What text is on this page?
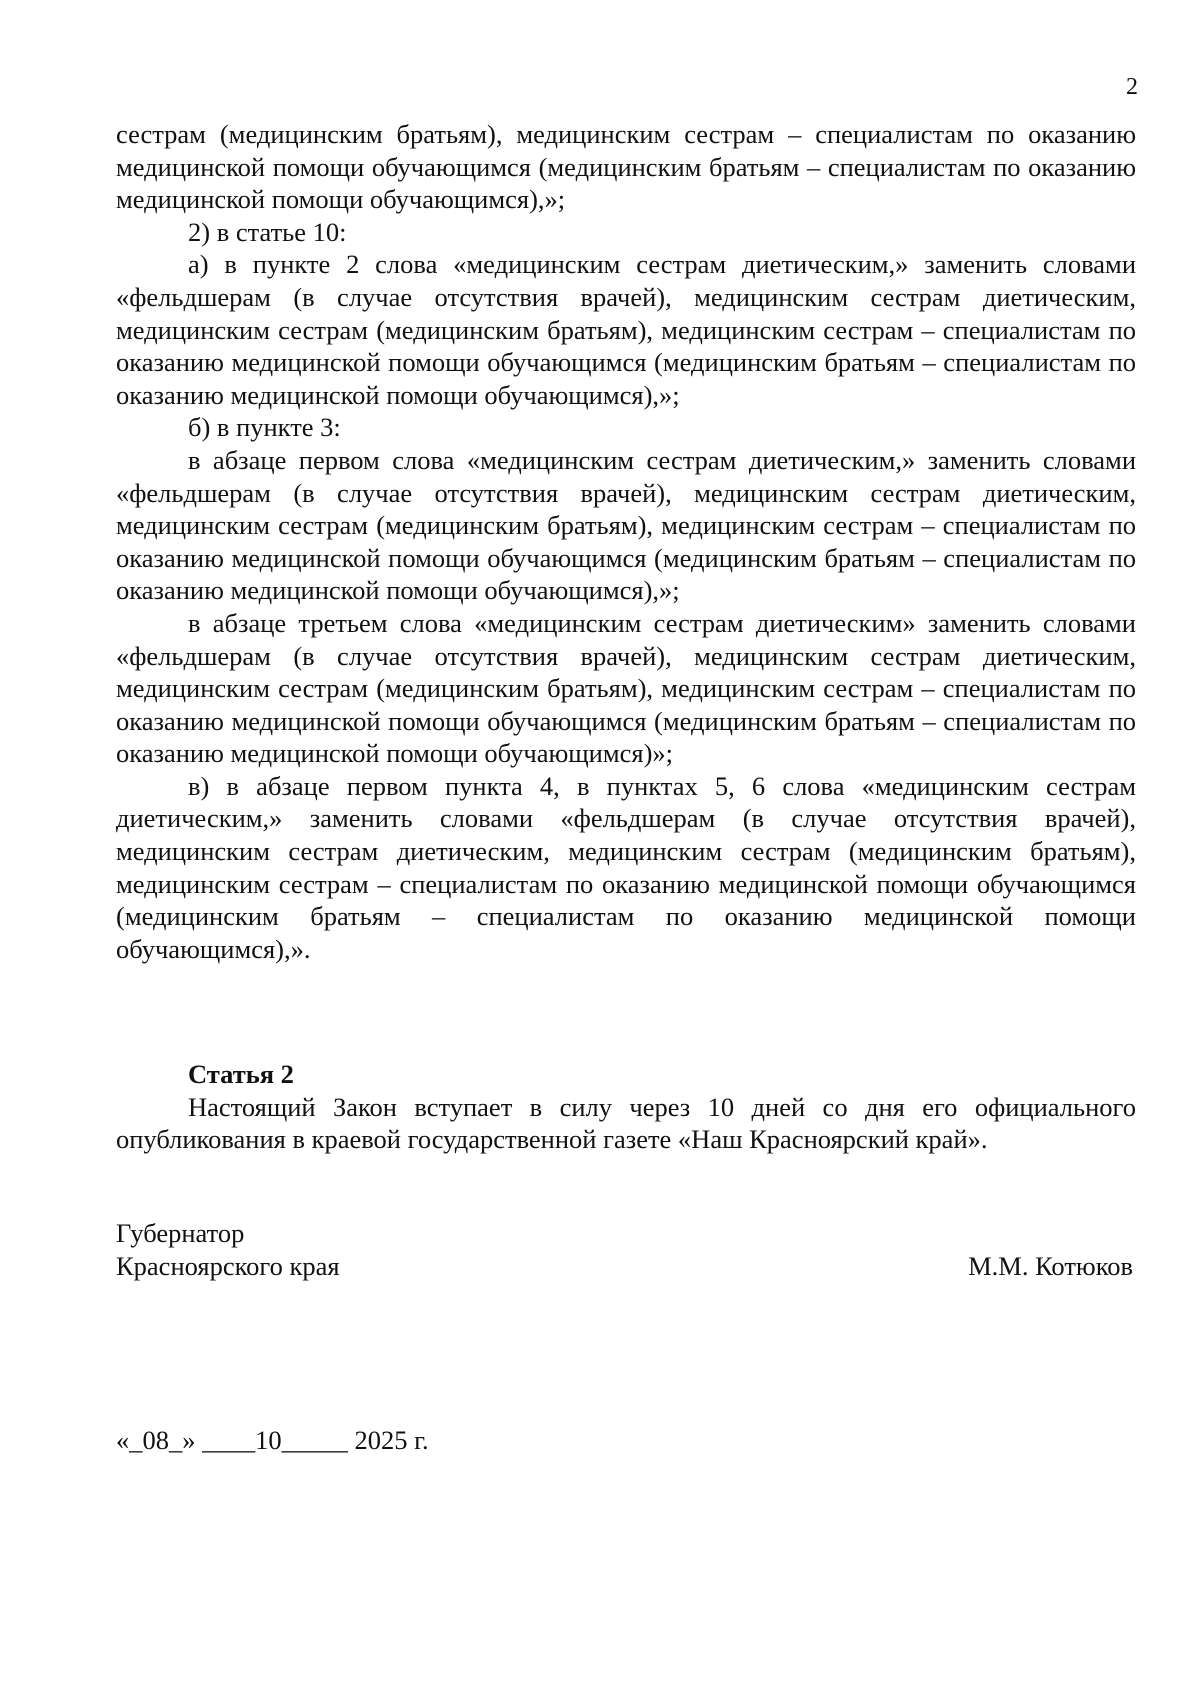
2

сестрам (медицинским братьям), медицинским сестрам – специалистам по оказанию медицинской помощи обучающимся (медицинским братьям – специалистам по оказанию медицинской помощи обучающимся),»;

2) в статье 10:

а) в пункте 2 слова «медицинским сестрам диетическим,» заменить словами «фельдшерам (в случае отсутствия врачей), медицинским сестрам диетическим, медицинским сестрам (медицинским братьям), медицинским сестрам – специалистам по оказанию медицинской помощи обучающимся (медицинским братьям – специалистам по оказанию медицинской помощи обучающимся),»;

б) в пункте 3:

в абзаце первом слова «медицинским сестрам диетическим,» заменить словами «фельдшерам (в случае отсутствия врачей), медицинским сестрам диетическим, медицинским сестрам (медицинским братьям), медицинским сестрам – специалистам по оказанию медицинской помощи обучающимся (медицинским братьям – специалистам по оказанию медицинской помощи обучающимся),»;

в абзаце третьем слова «медицинским сестрам диетическим» заменить словами «фельдшерам (в случае отсутствия врачей), медицинским сестрам диетическим, медицинским сестрам (медицинским братьям), медицинским сестрам – специалистам по оказанию медицинской помощи обучающимся (медицинским братьям – специалистам по оказанию медицинской помощи обучающимся)»;

в) в абзаце первом пункта 4, в пунктах 5, 6 слова «медицинским сестрам диетическим,» заменить словами «фельдшерам (в случае отсутствия врачей), медицинским сестрам диетическим, медицинским сестрам (медицинским братьям), медицинским сестрам – специалистам по оказанию медицинской помощи обучающимся (медицинским братьям – специалистам по оказанию медицинской помощи обучающимся),».

Статья 2

Настоящий Закон вступает в силу через 10 дней со дня его официального опубликования в краевой государственной газете «Наш Красноярский край».

Губернатор
Красноярского края	М.М. Котюков
«_08_» ____10_____ 2025 г.
